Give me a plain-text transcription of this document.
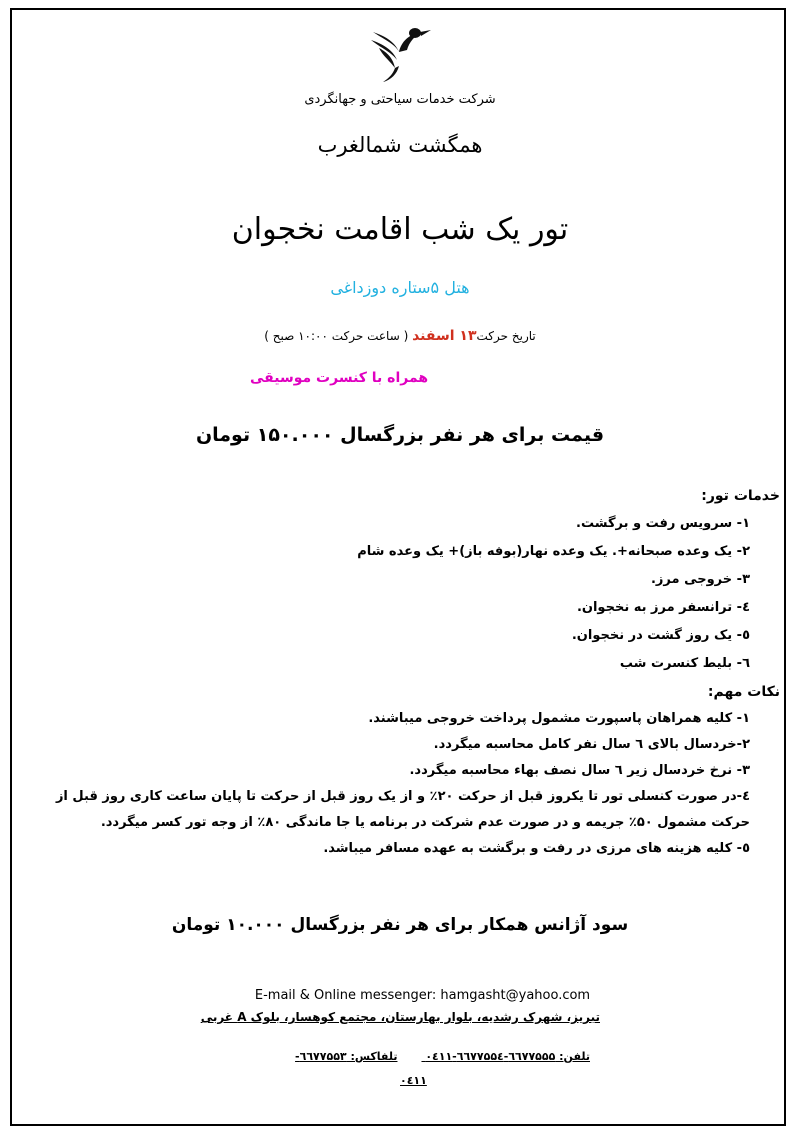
شرکت خدمات سیاحتی و جهانگردی
همگشت شمالغرب
تور یک شب اقامت نخجوان
هتل ۵ستاره دوزداغی
تاریخ حرکت۱۳ اسفند ( ساعت حرکت ۱۰:۰۰ صبح )
همراه با کنسرت موسیقی
قیمت برای هر نفر بزرگسال ۱۵۰.۰۰۰ تومان
خدمات تور:
۱- سرویس رفت و برگشت.
۲- یک وعده صبحانه+. یک وعده نهار(بوفه باز)+ یک وعده شام
۳- خروجی مرز.
٤- ترانسفر مرز به نخجوان.
٥- یک روز گشت در نخجوان.
٦- بلیط کنسرت شب
نکات مهم:
۱- کلیه همراهان پاسپورت مشمول پرداخت خروجی میباشند.
۲-خردسال بالای ٦ سال نفر کامل محاسبه میگردد.
۳- نرخ خردسال زیر ٦ سال نصف بهاء محاسبه میگردد.
٤-در صورت کنسلی تور تا یکروز قبل از حرکت ۲۰٪ و از یک روز قبل از حرکت تا پایان ساعت کاری روز قبل از حرکت مشمول ۵۰٪ جریمه و در صورت عدم شرکت در برنامه یا جا ماندگی ۸۰٪ از وجه تور کسر میگردد.
٥- کلیه هزینه های مرزی در رفت و برگشت به عهده مسافر میباشد.
سود آژانس همکار برای هر نفر بزرگسال ۱۰.۰۰۰ تومان
E-mail & Online messenger: hamgasht@yahoo.com
تبریز، شهرک رشدیه، بلوار بهارستان، مجتمع کوهسار، بلوک A غربی
تلفن: ٦٦۷۷۵۵۵-٦٦۷۷۵۵٤-۰٤۱۱ تلفاکس: ٦٦۷۷۵۵۳-
۰٤۱۱
